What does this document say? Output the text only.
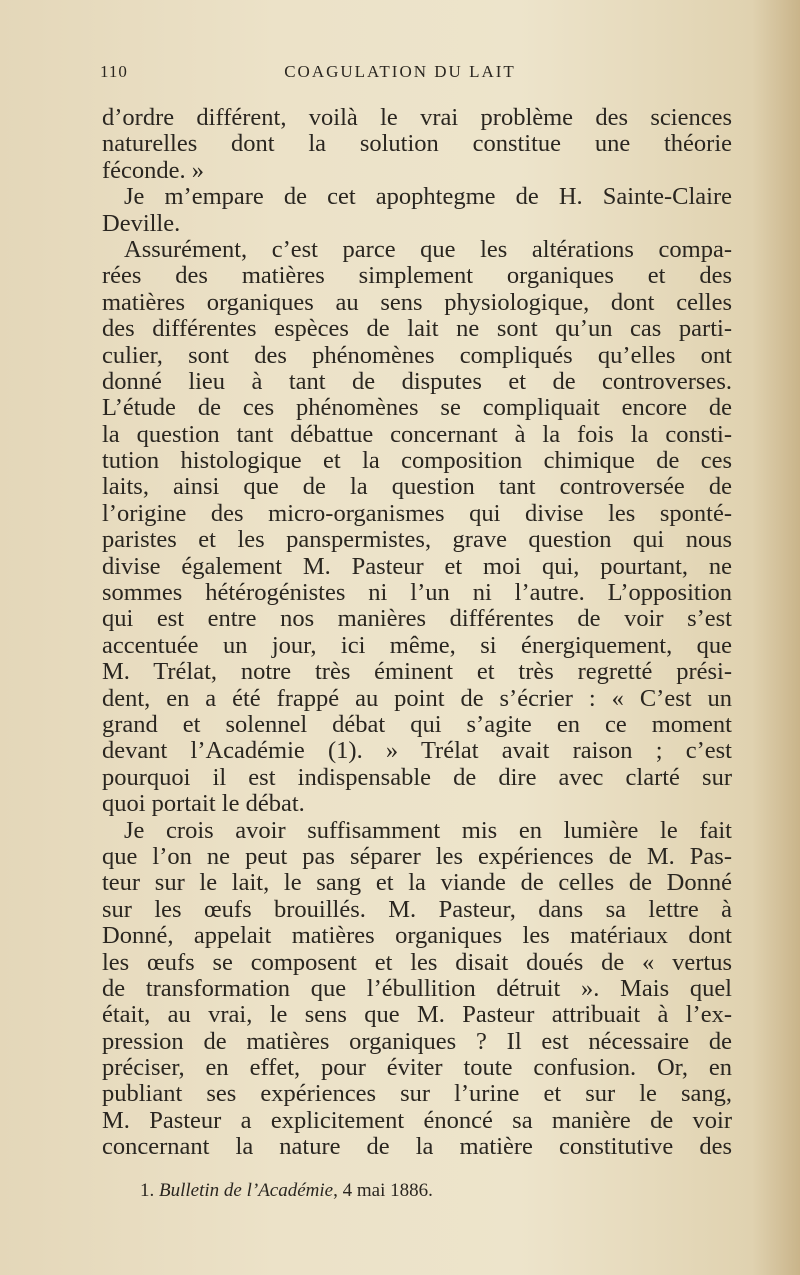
110	COAGULATION DU LAIT
d’ordre différent, voilà le vrai problème des sciences
naturelles dont la solution constitue une théorie
féconde. »
Je m’empare de cet apophtegme de H. Sainte-Claire
Deville.
Assurément, c’est parce que les altérations compa-
rées des matières simplement organiques et des
matières organiques au sens physiologique, dont celles
des différentes espèces de lait ne sont qu’un cas parti-
culier, sont des phénomènes compliqués qu’elles ont
donné lieu à tant de disputes et de controverses.
L’étude de ces phénomènes se compliquait encore de
la question tant débattue concernant à la fois la consti-
tution histologique et la composition chimique de ces
laits, ainsi que de la question tant controversée de
l’origine des micro-organismes qui divise les sponté-
paristes et les panspermistes, grave question qui nous
divise également M. Pasteur et moi qui, pourtant, ne
sommes hétérogénistes ni l’un ni l’autre. L’opposition
qui est entre nos manières différentes de voir s’est
accentuée un jour, ici même, si énergiquement, que
M. Trélat, notre très éminent et très regretté prési-
dent, en a été frappé au point de s’écrier : « C’est un
grand et solennel débat qui s’agite en ce moment
devant l’Académie (1). » Trélat avait raison ; c’est
pourquoi il est indispensable de dire avec clarté sur
quoi portait le débat.
Je crois avoir suffisamment mis en lumière le fait
que l’on ne peut pas séparer les expériences de M. Pas-
teur sur le lait, le sang et la viande de celles de Donné
sur les œufs brouillés. M. Pasteur, dans sa lettre à
Donné, appelait matières organiques les matériaux dont
les œufs se composent et les disait doués de « vertus
de transformation que l’ébullition détruit ». Mais quel
était, au vrai, le sens que M. Pasteur attribuait à l’ex-
pression de matières organiques ? Il est nécessaire de
préciser, en effet, pour éviter toute confusion. Or, en
publiant ses expériences sur l’urine et sur le sang,
M. Pasteur a explicitement énoncé sa manière de voir
concernant la nature de la matière constitutive des
1. Bulletin de l’Académie, 4 mai 1886.
